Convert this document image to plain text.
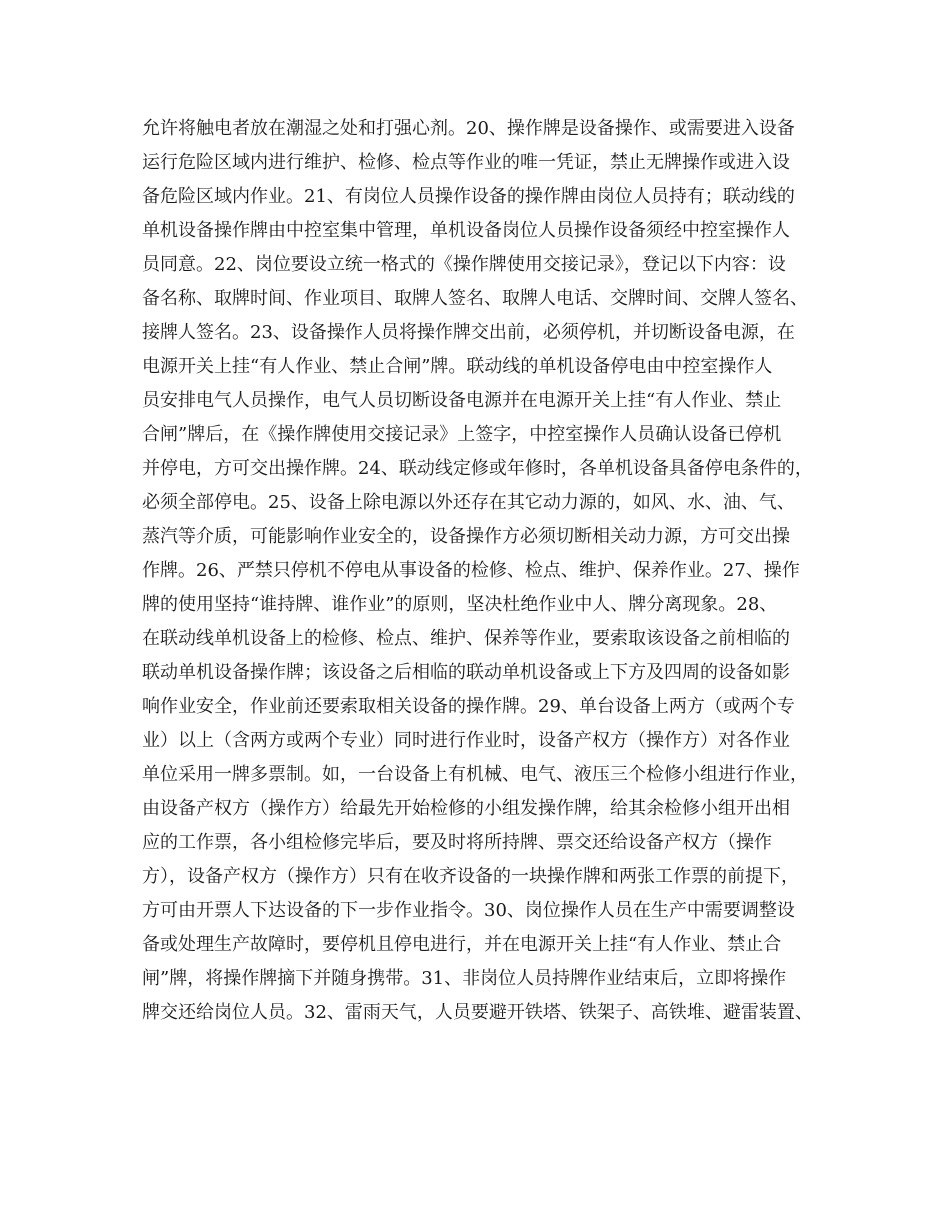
允许将触电者放在潮湿之处和打强心剂。20、操作牌是设备操作、或需要进入设备
运行危险区域内进行维护、检修、检点等作业的唯一凭证，禁止无牌操作或进入设
备危险区域内作业。21、有岗位人员操作设备的操作牌由岗位人员持有；联动线的
单机设备操作牌由中控室集中管理，单机设备岗位人员操作设备须经中控室操作人
员同意。22、岗位要设立统一格式的《操作牌使用交接记录》，登记以下内容：设
备名称、取牌时间、作业项目、取牌人签名、取牌人电话、交牌时间、交牌人签名、
接牌人签名。23、设备操作人员将操作牌交出前，必须停机，并切断设备电源，在
电源开关上挂“有人作业、禁止合闸”牌。联动线的单机设备停电由中控室操作人
员安排电气人员操作，电气人员切断设备电源并在电源开关上挂“有人作业、禁止
合闸”牌后，在《操作牌使用交接记录》上签字，中控室操作人员确认设备已停机
并停电，方可交出操作牌。24、联动线定修或年修时，各单机设备具备停电条件的，
必须全部停电。25、设备上除电源以外还存在其它动力源的，如风、水、油、气、
蒸汽等介质，可能影响作业安全的，设备操作方必须切断相关动力源，方可交出操
作牌。26、严禁只停机不停电从事设备的检修、检点、维护、保养作业。27、操作
牌的使用坚持“谁持牌、谁作业”的原则，坚决杜绝作业中人、牌分离现象。28、
在联动线单机设备上的检修、检点、维护、保养等作业，要索取该设备之前相临的
联动单机设备操作牌；该设备之后相临的联动单机设备或上下方及四周的设备如影
响作业安全，作业前还要索取相关设备的操作牌。29、单台设备上两方（或两个专
业）以上（含两方或两个专业）同时进行作业时，设备产权方（操作方）对各作业
单位采用一牌多票制。如，一台设备上有机械、电气、液压三个检修小组进行作业，
由设备产权方（操作方）给最先开始检修的小组发操作牌，给其余检修小组开出相
应的工作票，各小组检修完毕后，要及时将所持牌、票交还给设备产权方（操作
方），设备产权方（操作方）只有在收齐设备的一块操作牌和两张工作票的前提下，
方可由开票人下达设备的下一步作业指令。30、岗位操作人员在生产中需要调整设
备或处理生产故障时，要停机且停电进行，并在电源开关上挂“有人作业、禁止合
闸”牌，将操作牌摘下并随身携带。31、非岗位人员持牌作业结束后，立即将操作
牌交还给岗位人员。32、雷雨天气，人员要避开铁塔、铁架子、高铁堆、避雷装置、
